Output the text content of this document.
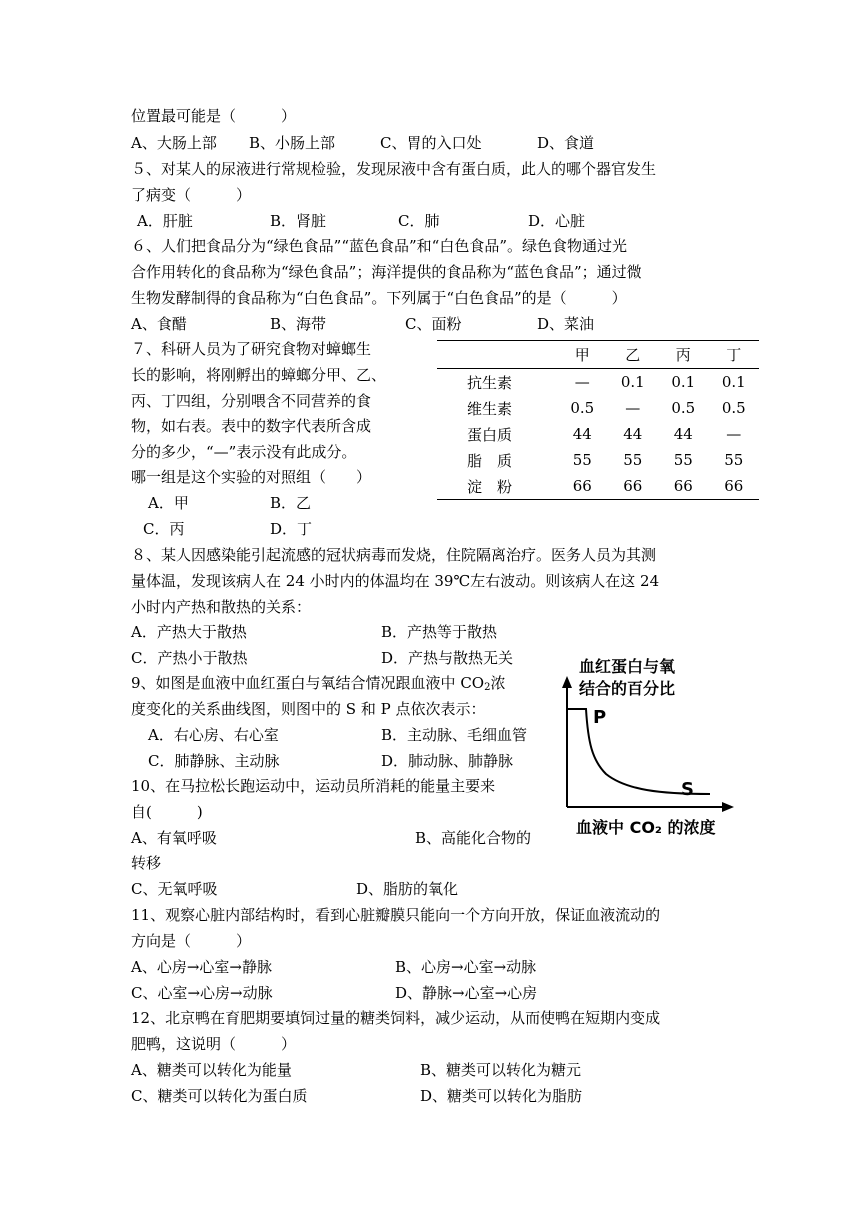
位置最可能是（　　　）
A、大肠上部 B、小肠上部	C、胃的入口处	D、食道
５、对某人的尿液进行常规检验，发现尿液中含有蛋白质，此人的哪个器官发生
了病变（　　　）
A．肝脏	B．肾脏	C．肺	D．心脏
６、人们把食品分为“绿色食品”“蓝色食品”和“白色食品”。绿色食物通过光
合作用转化的食品称为“绿色食品”；海洋提供的食品称为“蓝色食品”；通过微
生物发酵制得的食品称为“白色食品”。下列属于“白色食品”的是（　　　）
A、食醋	B、海带	C、面粉	D、菜油
７、科研人员为了研究食物对蟑螂生
长的影响，将刚孵出的蟑螂分甲、乙、
丙、丁四组，分别喂含不同营养的食
物，如右表。表中的数字代表所含成
分的多少，“—”表示没有此成分。
哪一组是这个实验的对照组（　　）
A．甲	B．乙
C．丙	D．丁
	甲	乙	丙	丁
抗生素	—	0.1	0.1	0.1
维生素	0.5	—	0.5	0.5
蛋白质	44	44	44	—
脂　质	55	55	55	55
淀　粉	66	66	66	66
８、某人因感染能引起流感的冠状病毒而发烧，住院隔离治疗。医务人员为其测
量体温，发现该病人在 24 小时内的体温均在 39℃左右波动。则该病人在这 24
小时内产热和散热的关系：
A．产热大于散热	B．产热等于散热
C．产热小于散热	D．产热与散热无关
9、如图是血液中血红蛋白与氧结合情况跟血液中 $CO_2$浓
度变化的关系曲线图，则图中的 S 和 P 点依次表示：
A．右心房、右心室	B．主动脉、毛细血管
C．肺静脉、主动脉	D．肺动脉、肺静脉
血红蛋白与氧
结合的百分比
P
S
血液中 CO₂ 的浓度
10、在马拉松长跑运动中，运动员所消耗的能量主要来
自(　　　)
A、有氧呼吸	B、高能化合物的
转移
C、无氧呼吸	D、脂肪的氧化
11、观察心脏内部结构时，看到心脏瓣膜只能向一个方向开放，保证血液流动的
方向是（　　　）
A、心房→心室→静脉	B、心房→心室→动脉
C、心室→心房→动脉	D、静脉→心室→心房
12、北京鸭在育肥期要填饲过量的糖类饲料，减少运动，从而使鸭在短期内变成
肥鸭，这说明（　　　）
A、糖类可以转化为能量	B、糖类可以转化为糖元
C、糖类可以转化为蛋白质	D、糖类可以转化为脂肪
